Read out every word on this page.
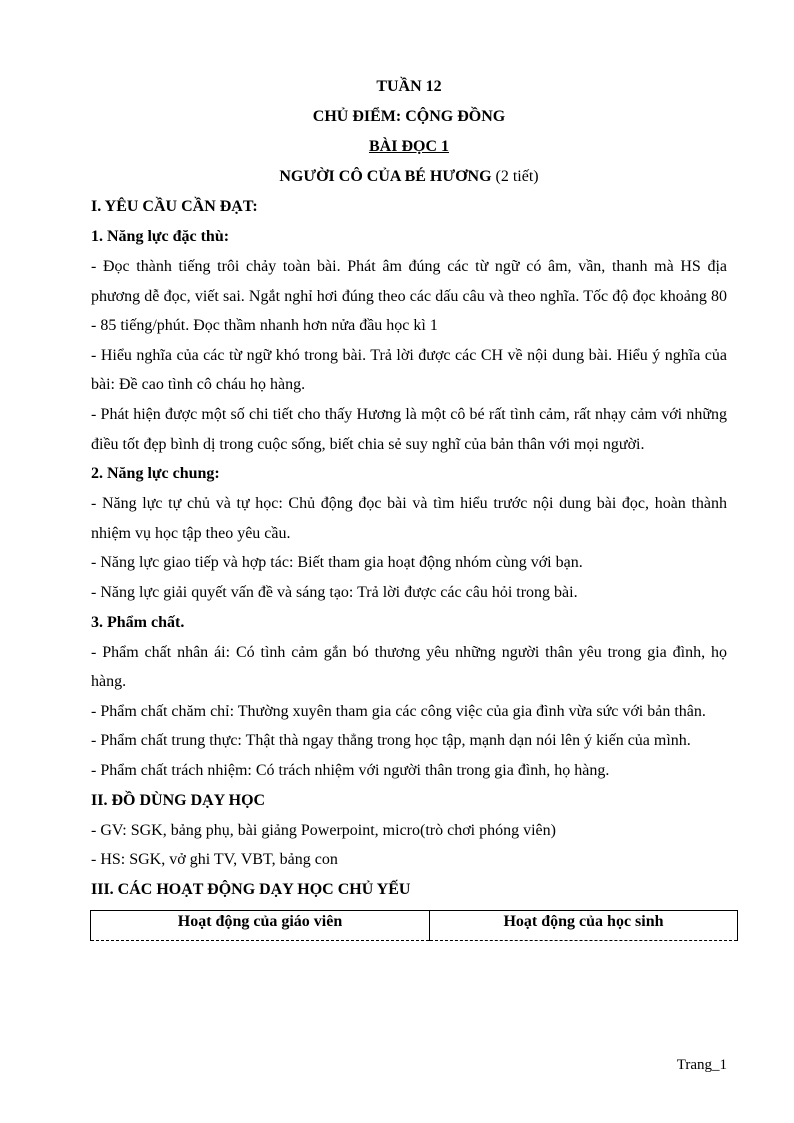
TUẦN 12
CHỦ ĐIỂM: CỘNG ĐỒNG
BÀI ĐỌC 1
NGƯỜI CÔ CỦA BÉ HƯƠNG (2 tiết)
I. YÊU CẦU CẦN ĐẠT:
1. Năng lực đặc thù:

- Đọc thành tiếng trôi chảy toàn bài. Phát âm đúng các từ ngữ có âm, vần, thanh mà HS địa phương dễ đọc, viết sai. Ngắt nghỉ hơi đúng theo các dấu câu và theo nghĩa. Tốc độ đọc khoảng 80 - 85 tiếng/phút. Đọc thầm nhanh hơn nửa đầu học kì 1

- Hiểu nghĩa của các từ ngữ khó trong bài. Trả lời được các CH về nội dung bài. Hiểu ý nghĩa của bài: Đề cao tình cô cháu họ hàng.

- Phát hiện được một số chi tiết cho thấy Hương là một cô bé rất tình cảm, rất nhạy cảm với những điều tốt đẹp bình dị trong cuộc sống, biết chia sẻ suy nghĩ của bản thân với mọi người.

2. Năng lực chung:

- Năng lực tự chủ và tự học: Chủ động đọc bài và tìm hiểu trước nội dung bài đọc, hoàn thành nhiệm vụ học tập theo yêu cầu.

- Năng lực giao tiếp và hợp tác: Biết tham gia hoạt động nhóm cùng với bạn.

- Năng lực giải quyết vấn đề và sáng tạo: Trả lời được các câu hỏi trong bài.

3. Phẩm chất.

- Phẩm chất nhân ái: Có tình cảm gắn bó thương yêu những người thân yêu trong gia đình, họ hàng.

- Phẩm chất chăm chỉ: Thường xuyên tham gia các công việc của gia đình vừa sức với bản thân.

- Phẩm chất trung thực: Thật thà ngay thẳng trong học tập, mạnh dạn nói lên ý kiến của mình.

- Phẩm chất trách nhiệm: Có trách nhiệm với người thân trong gia đình, họ hàng.

II. ĐỒ DÙNG DẠY HỌC

- GV: SGK, bảng phụ, bài giảng Powerpoint, micro(trò chơi phóng viên)

- HS: SGK, vở ghi TV, VBT, bảng con

III. CÁC HOẠT ĐỘNG DẠY HỌC CHỦ YẾU
Hoạt động của giáo viên	Hoạt động của học sinh
Trang_1
